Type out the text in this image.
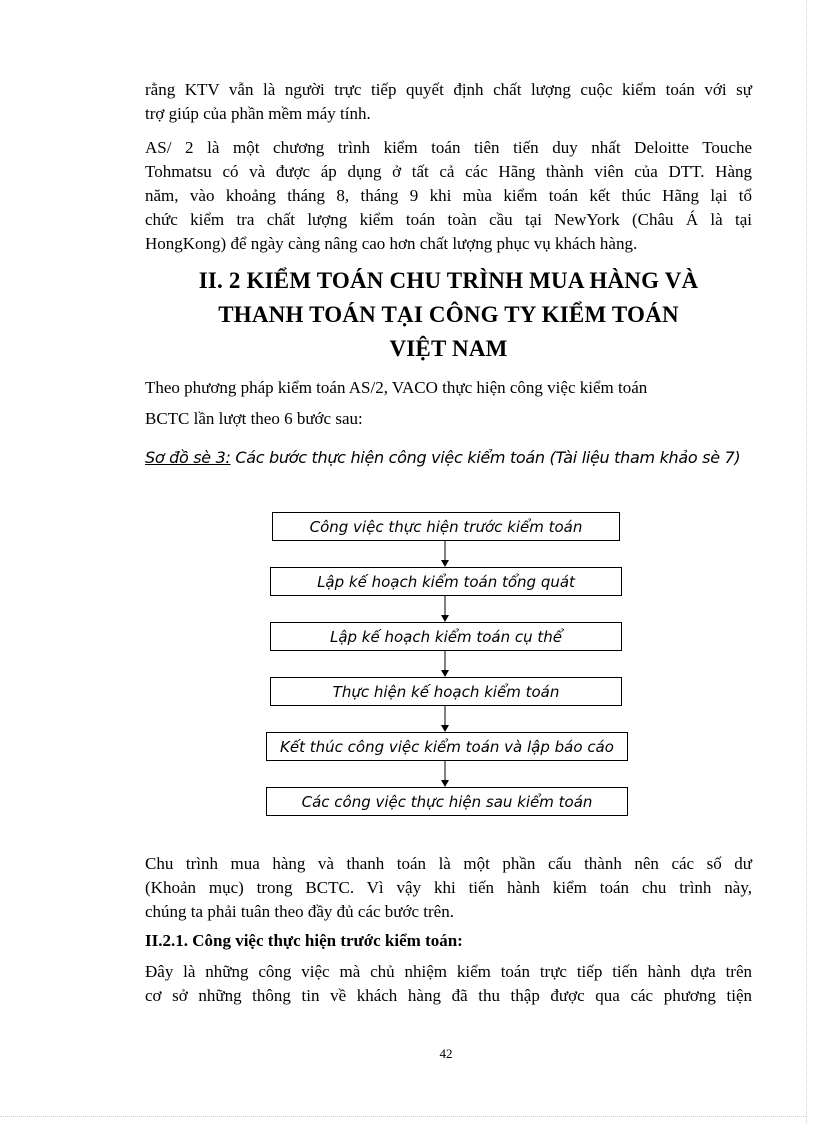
rằng KTV vẫn là người trực tiếp quyết định chất lượng cuộc kiểm toán với sự
trợ giúp của phần mềm máy tính.
AS/ 2 là một chương trình kiểm toán tiên tiến duy nhất Deloitte Touche
Tohmatsu có và được áp dụng ở tất cả các Hãng thành viên của DTT. Hàng
năm, vào khoảng tháng 8, tháng 9 khi mùa kiểm toán kết thúc Hãng lại tổ
chức kiểm tra chất lượng kiểm toán toàn cầu tại NewYork (Châu Á là tại
HongKong) để ngày càng nâng cao hơn chất lượng phục vụ khách hàng.
II. 2 KIỂM TOÁN CHU TRÌNH MUA HÀNG VÀ
THANH TOÁN TẠI CÔNG TY KIỂM TOÁN
VIỆT NAM
Theo phương pháp kiểm toán AS/2, VACO thực hiện công việc kiểm toán
BCTC lần lượt theo 6 bước sau:
Sơ đồ sè 3: Các bước thực hiện công việc kiểm toán (Tài liệu tham khảo sè 7)
Công việc thực hiện trước kiểm toán
Lập kế hoạch kiểm toán tổng quát
Lập kế hoạch kiểm toán cụ thể
Thực hiện kế hoạch kiểm toán
Kết thúc công việc kiểm toán và lập báo cáo
Các công việc thực hiện sau kiểm toán
Chu trình mua hàng và thanh toán là một phần cấu thành nên các số dư
(Khoản mục) trong BCTC. Vì vậy khi tiến hành kiểm toán chu trình này,
chúng ta phải tuân theo đầy đủ các bước trên.
II.2.1. Công việc thực hiện trước kiểm toán:
Đây là những công việc mà chủ nhiệm kiểm toán trực tiếp tiến hành dựa trên
cơ sở những thông tin về khách hàng đã thu thập được qua các phương tiện
42
